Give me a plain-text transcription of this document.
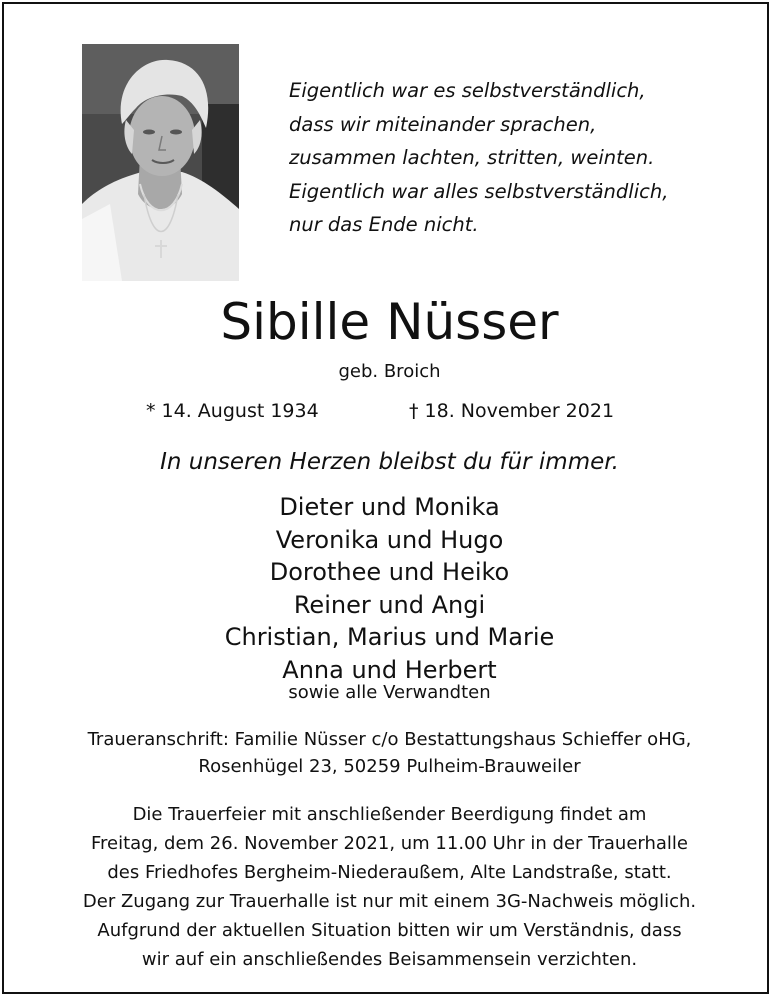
Eigentlich war es selbstverständlich,
dass wir miteinander sprachen,
zusammen lachten, stritten, weinten.
Eigentlich war alles selbstverständlich,
nur das Ende nicht.
Sibille Nüsser
geb. Broich
* 14. August 1934	† 18. November 2021
In unseren Herzen bleibst du für immer.
Dieter und Monika
Veronika und Hugo
Dorothee und Heiko
Reiner und Angi
Christian, Marius und Marie
Anna und Herbert
sowie alle Verwandten
Traueranschrift: Familie Nüsser c/o Bestattungshaus Schieffer oHG,
Rosenhügel 23, 50259 Pulheim-Brauweiler
Die Trauerfeier mit anschließender Beerdigung findet am
Freitag, dem 26. November 2021, um 11.00 Uhr in der Trauerhalle
des Friedhofes Bergheim-Niederaußem, Alte Landstraße, statt.
Der Zugang zur Trauerhalle ist nur mit einem 3G-Nachweis möglich.
Aufgrund der aktuellen Situation bitten wir um Verständnis, dass
wir auf ein anschließendes Beisammensein verzichten.
